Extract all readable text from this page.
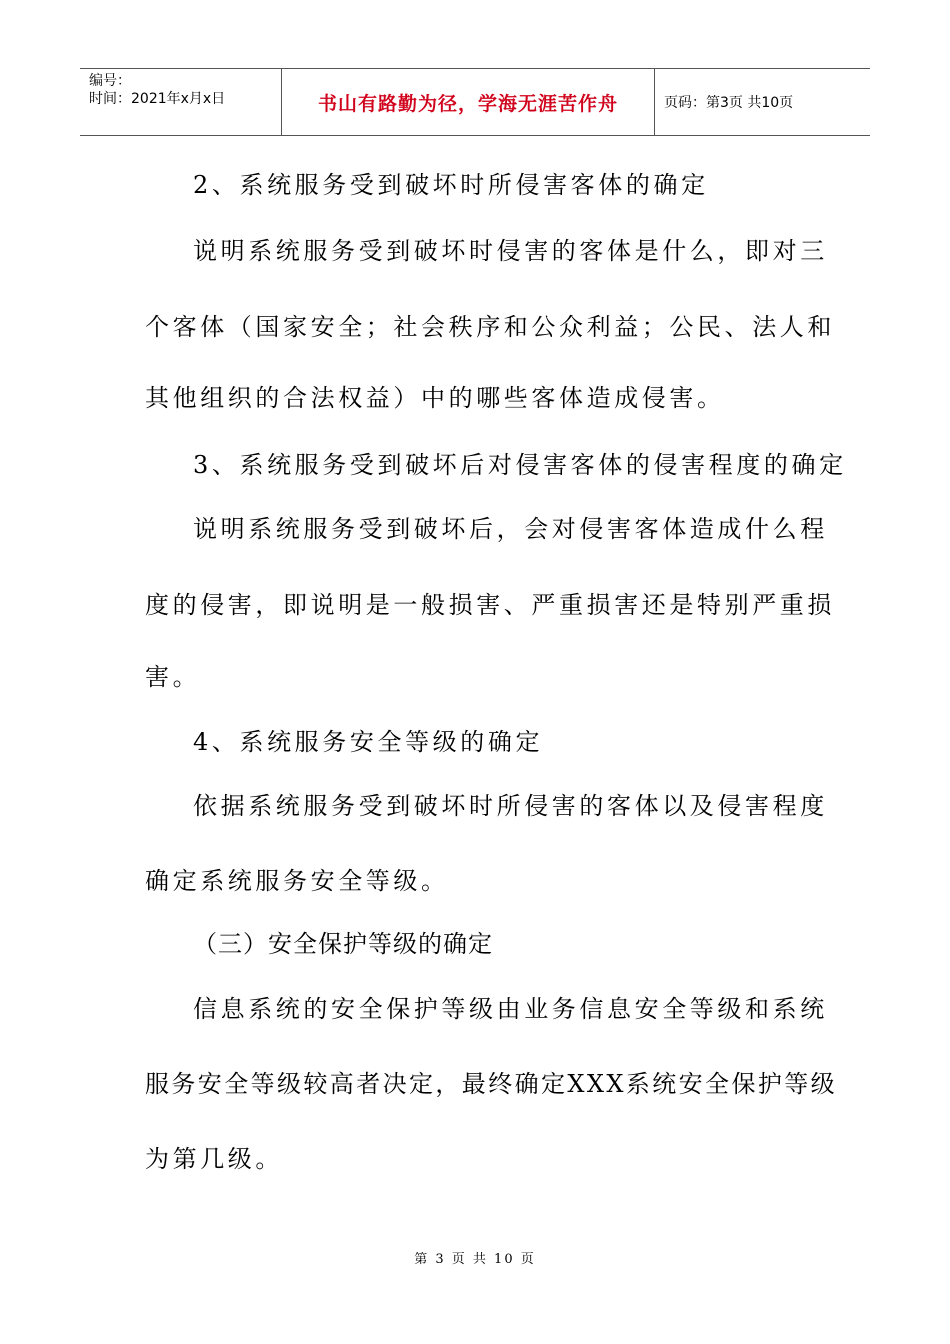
编号：
时间：2021年x月x日	书山有路勤为径，学海无涯苦作舟	页码：第3页 共10页
2、系统服务受到破坏时所侵害客体的确定
说明系统服务受到破坏时侵害的客体是什么，即对三
个客体（国家安全；社会秩序和公众利益；公民、法人和
其他组织的合法权益）中的哪些客体造成侵害。
3、系统服务受到破坏后对侵害客体的侵害程度的确定
说明系统服务受到破坏后，会对侵害客体造成什么程
度的侵害，即说明是一般损害、严重损害还是特别严重损
害。
4、系统服务安全等级的确定
依据系统服务受到破坏时所侵害的客体以及侵害程度
确定系统服务安全等级。
（三）安全保护等级的确定
信息系统的安全保护等级由业务信息安全等级和系统
服务安全等级较高者决定，最终确定XXX系统安全保护等级
为第几级。
第 3 页 共 10 页
